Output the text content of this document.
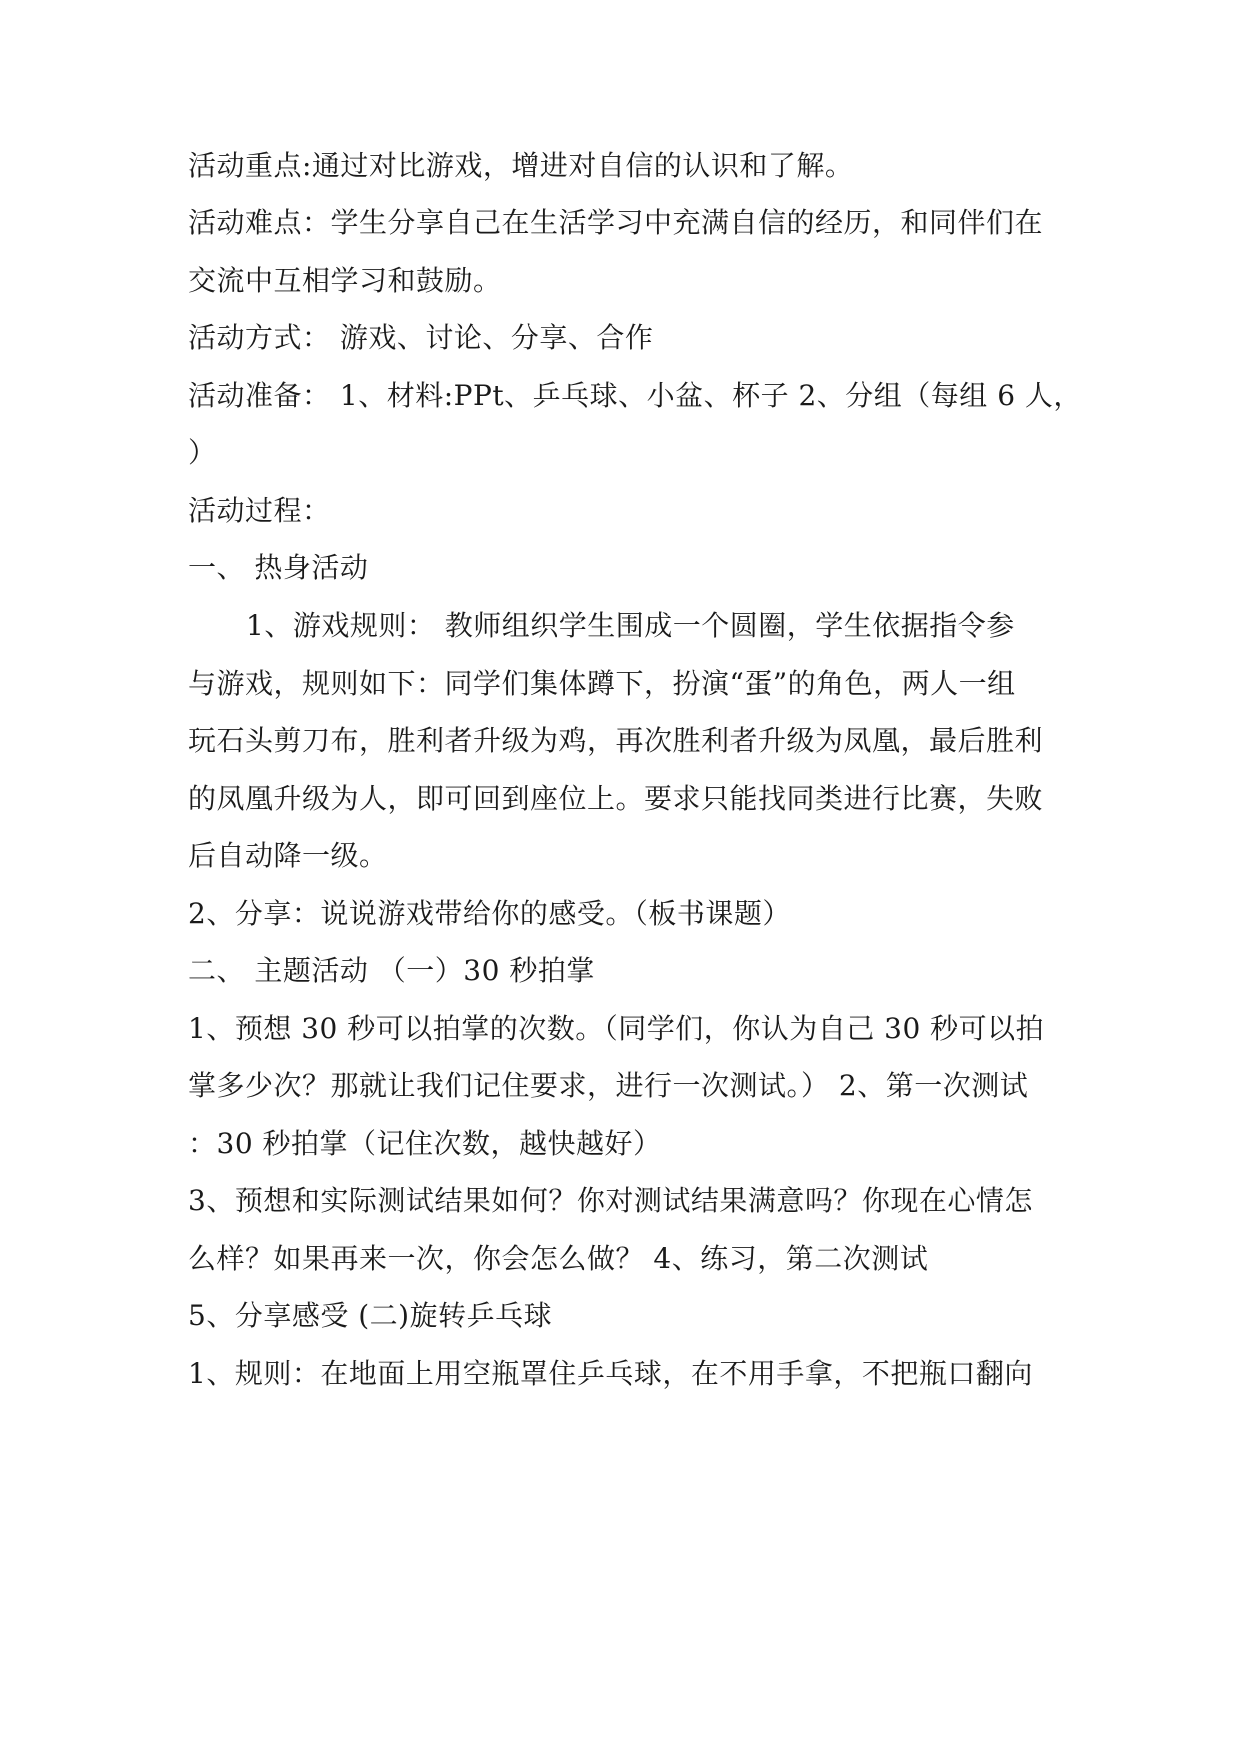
活动重点:通过对比游戏，增进对自信的认识和了解。
活动难点：学生分享自己在生活学习中充满自信的经历，和同伴们在
交流中互相学习和鼓励。
活动方式： 游戏、讨论、分享、合作
活动准备： 1、材料:PPt、乒乓球、小盆、杯子 2、分组（每组 6 人，
）
活动过程：
一、 热身活动
1、游戏规则： 教师组织学生围成一个圆圈，学生依据指令参
与游戏，规则如下：同学们集体蹲下，扮演“蛋”的角色，两人一组
玩石头剪刀布，胜利者升级为鸡，再次胜利者升级为凤凰，最后胜利
的凤凰升级为人，即可回到座位上。要求只能找同类进行比赛，失败
后自动降一级。
2、分享：说说游戏带给你的感受。（板书课题）
二、 主题活动 （一）30 秒拍掌
1、预想 30 秒可以拍掌的次数。（同学们，你认为自己 30 秒可以拍
掌多少次？那就让我们记住要求，进行一次测试。） 2、第一次测试
：30 秒拍掌（记住次数，越快越好）
3、预想和实际测试结果如何？你对测试结果满意吗？你现在心情怎
么样？如果再来一次，你会怎么做？ 4、练习，第二次测试
5、分享感受 (二)旋转乒乓球
1、规则：在地面上用空瓶罩住乒乓球，在不用手拿，不把瓶口翻向
